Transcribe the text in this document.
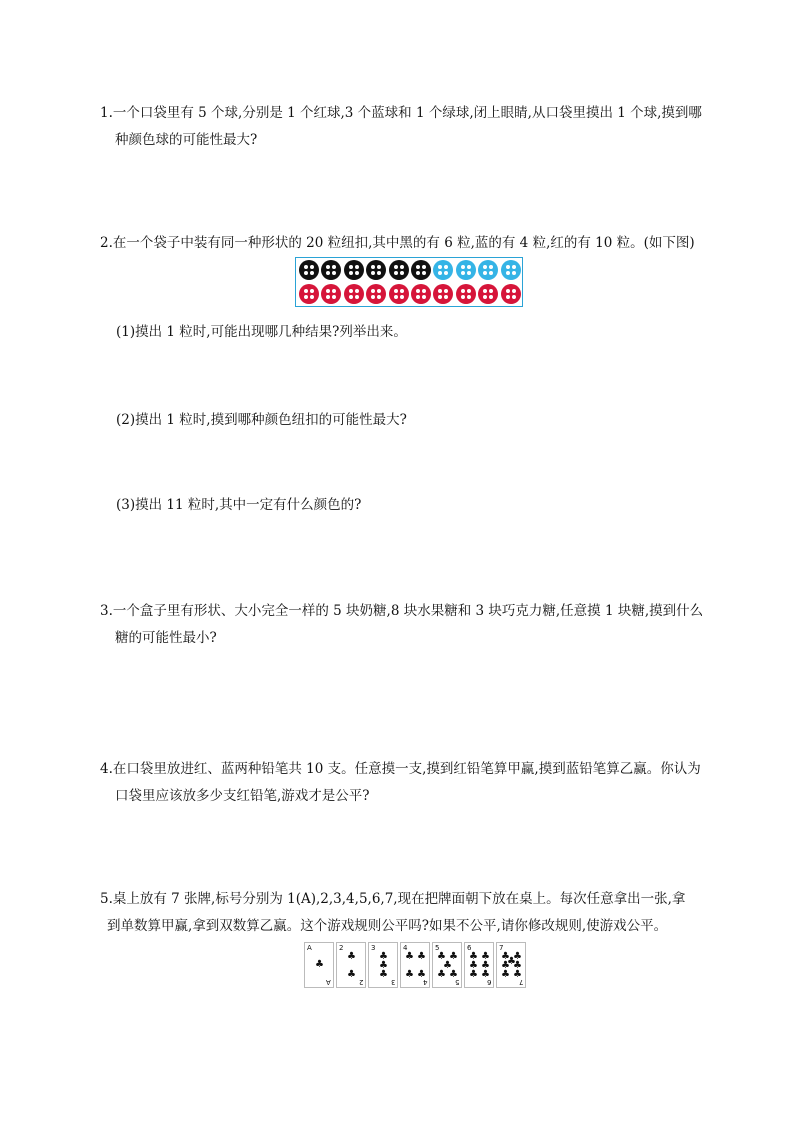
1.一个口袋里有 5 个球,分别是 1 个红球,3 个蓝球和 1 个绿球,闭上眼睛,从口袋里摸出 1 个球,摸到哪
种颜色球的可能性最大?
2.在一个袋子中装有同一种形状的 20 粒纽扣,其中黑的有 6 粒,蓝的有 4 粒,红的有 10 粒。(如下图)
(1)摸出 1 粒时,可能出现哪几种结果?列举出来。
(2)摸出 1 粒时,摸到哪种颜色纽扣的可能性最大?
(3)摸出 11 粒时,其中一定有什么颜色的?
3.一个盒子里有形状、大小完全一样的 5 块奶糖,8 块水果糖和 3 块巧克力糖,任意摸 1 块糖,摸到什么
糖的可能性最小?
4.在口袋里放进红、蓝两种铅笔共 10 支。任意摸一支,摸到红铅笔算甲赢,摸到蓝铅笔算乙赢。你认为
口袋里应该放多少支红铅笔,游戏才是公平?
5.桌上放有 7 张牌,标号分别为 1(A),2,3,4,5,6,7,现在把牌面朝下放在桌上。每次任意拿出一张,拿
到单数算甲赢,拿到双数算乙赢。这个游戏规则公平吗?如果不公平,请你修改规则,使游戏公平。
A
♣
A
2
♣
♣
2
3
♣
♣
♣
3
4
♣ ♣
♣ ♣
4
5
♣ ♣
♣
♣ ♣
5
6
♣ ♣
♣ ♣
♣ ♣
6
7
♣ ♣
♣
♣ ♣
♣ ♣
7
